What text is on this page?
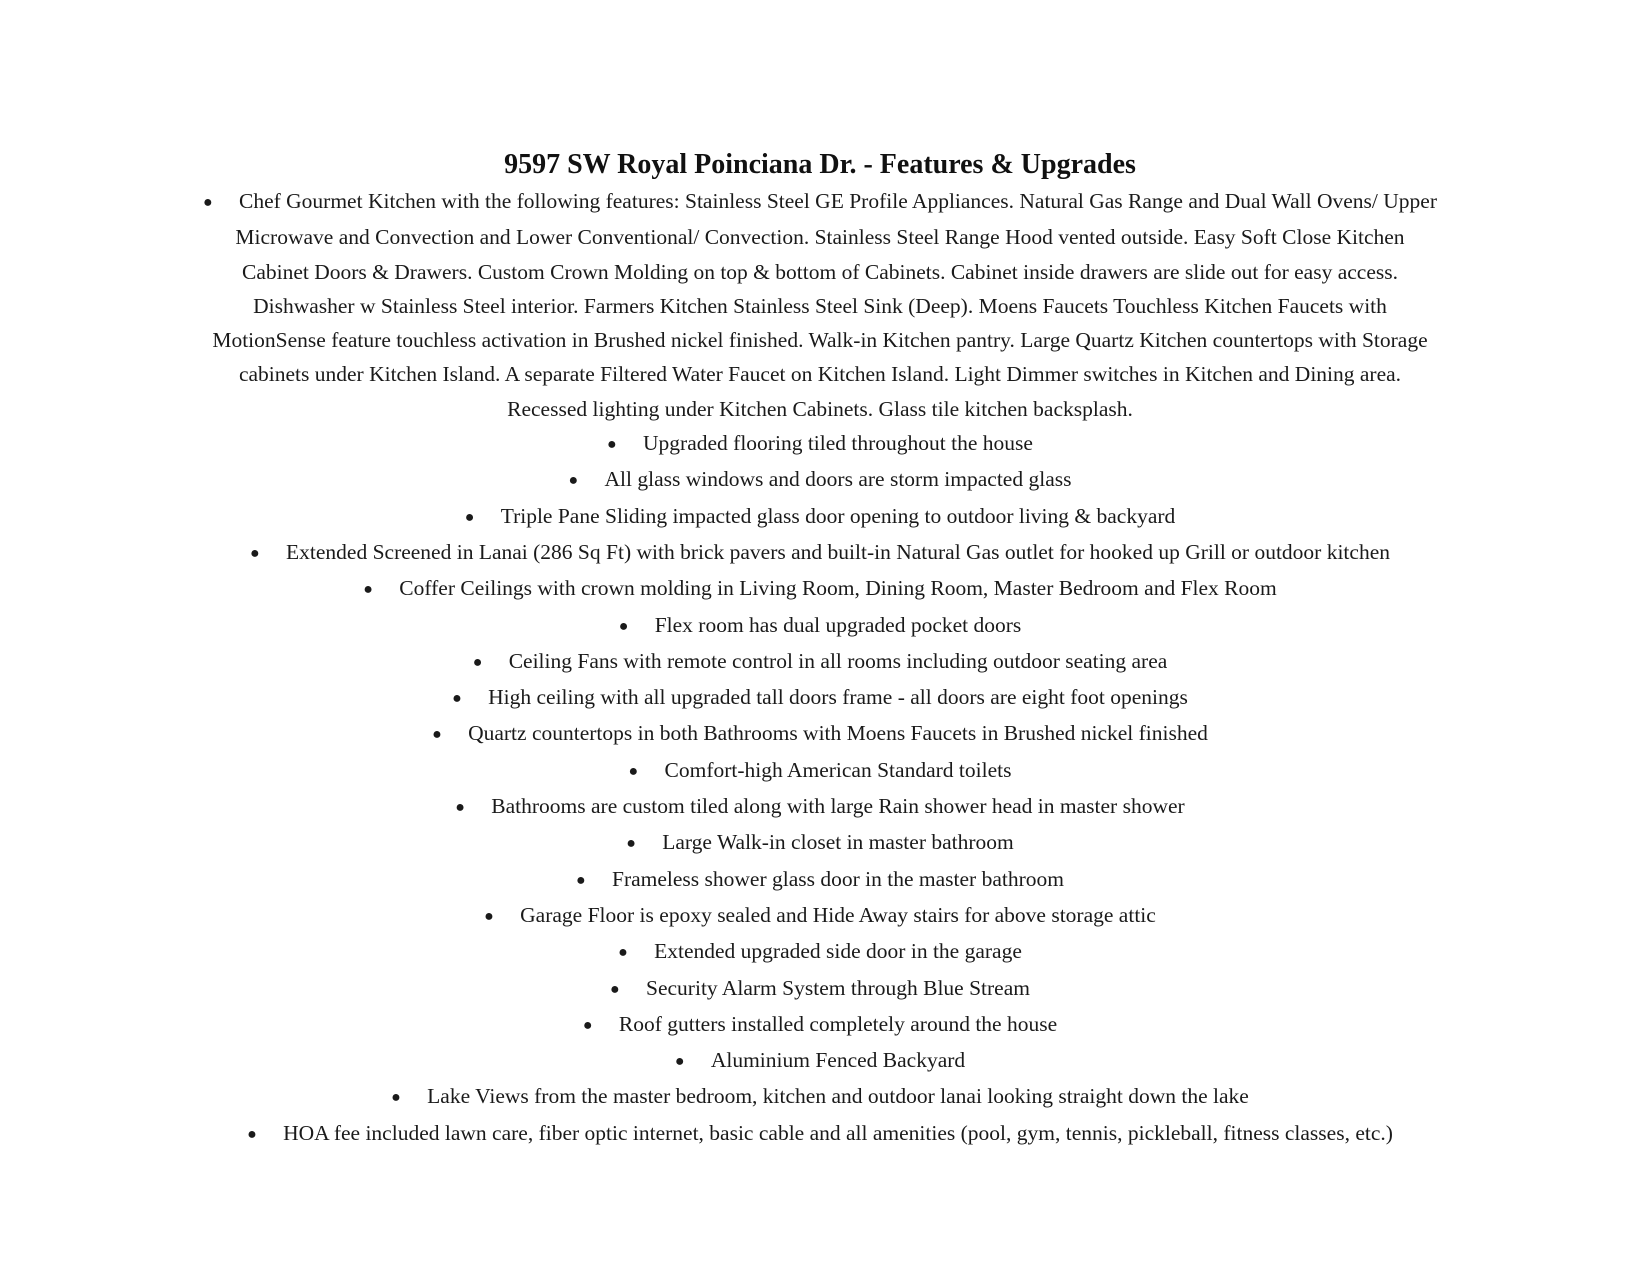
9597 SW Royal Poinciana Dr. - Features & Upgrades
● Chef Gourmet Kitchen with the following features: Stainless Steel GE Profile Appliances. Natural Gas Range and Dual Wall Ovens/ Upper Microwave and Convection and Lower Conventional/ Convection. Stainless Steel Range Hood vented outside. Easy Soft Close Kitchen Cabinet Doors & Drawers. Custom Crown Molding on top & bottom of Cabinets. Cabinet inside drawers are slide out for easy access. Dishwasher w Stainless Steel interior. Farmers Kitchen Stainless Steel Sink (Deep). Moens Faucets Touchless Kitchen Faucets with MotionSense feature touchless activation in Brushed nickel finished. Walk-in Kitchen pantry. Large Quartz Kitchen countertops with Storage cabinets under Kitchen Island. A separate Filtered Water Faucet on Kitchen Island. Light Dimmer switches in Kitchen and Dining area. Recessed lighting under Kitchen Cabinets. Glass tile kitchen backsplash.
● Upgraded flooring tiled throughout the house
● All glass windows and doors are storm impacted glass
● Triple Pane Sliding impacted glass door opening to outdoor living & backyard
● Extended Screened in Lanai (286 Sq Ft) with brick pavers and built-in Natural Gas outlet for hooked up Grill or outdoor kitchen
● Coffer Ceilings with crown molding in Living Room, Dining Room, Master Bedroom and Flex Room
● Flex room has dual upgraded pocket doors
● Ceiling Fans with remote control in all rooms including outdoor seating area
● High ceiling with all upgraded tall doors frame - all doors are eight foot openings
● Quartz countertops in both Bathrooms with Moens Faucets in Brushed nickel finished
● Comfort-high American Standard toilets
● Bathrooms are custom tiled along with large Rain shower head in master shower
● Large Walk-in closet in master bathroom
● Frameless shower glass door in the master bathroom
● Garage Floor is epoxy sealed and Hide Away stairs for above storage attic
● Extended upgraded side door in the garage
● Security Alarm System through Blue Stream
● Roof gutters installed completely around the house
● Aluminium Fenced Backyard
● Lake Views from the master bedroom, kitchen and outdoor lanai looking straight down the lake
● HOA fee included lawn care, fiber optic internet, basic cable and all amenities (pool, gym, tennis, pickleball, fitness classes, etc.)
